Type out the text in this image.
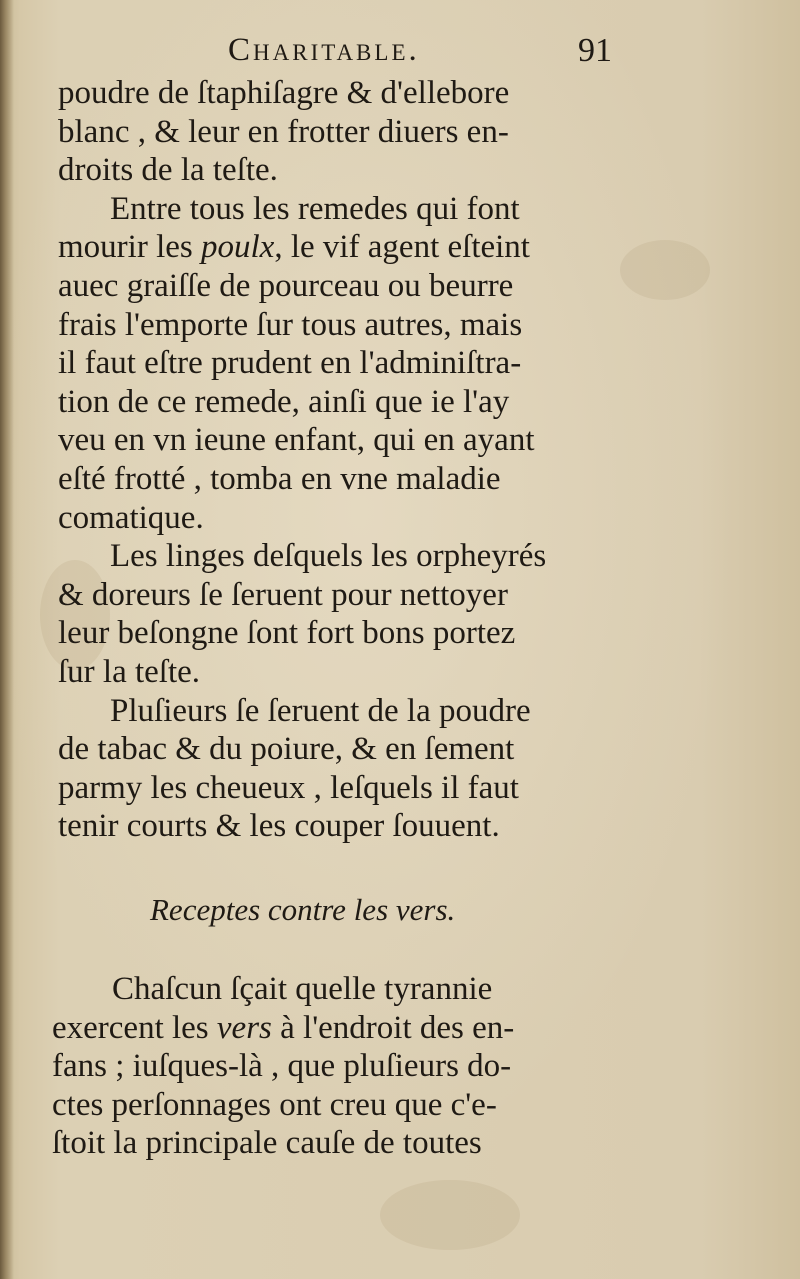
Charitable.	91
poudre de ſtaphiſagre & d'ellebore
blanc , & leur en frotter diuers en-
droits de la teſte.
Entre tous les remedes qui font
mourir les poulx, le vif agent eſteint
auec graiſſe de pourceau ou beurre
frais l'emporte ſur tous autres, mais
il faut eſtre prudent en l'adminiſtra-
tion de ce remede, ainſi que ie l'ay
veu en vn ieune enfant, qui en ayant
eſté frotté , tomba en vne maladie
comatique.
Les linges deſquels les orpheyrés
& doreurs ſe ſeruent pour nettoyer
leur beſongne ſont fort bons portez
ſur la teſte.
Pluſieurs ſe ſeruent de la poudre
de tabac & du poiure, & en ſement
parmy les cheueux , leſquels il faut
tenir courts & les couper ſouuent.
Receptes contre les vers.
Chaſcun ſçait quelle tyrannie
exercent les vers à l'endroit des en-
fans ; iuſques-là , que pluſieurs do-
ctes perſonnages ont creu que c'e-
ſtoit la principale cauſe de toutes
